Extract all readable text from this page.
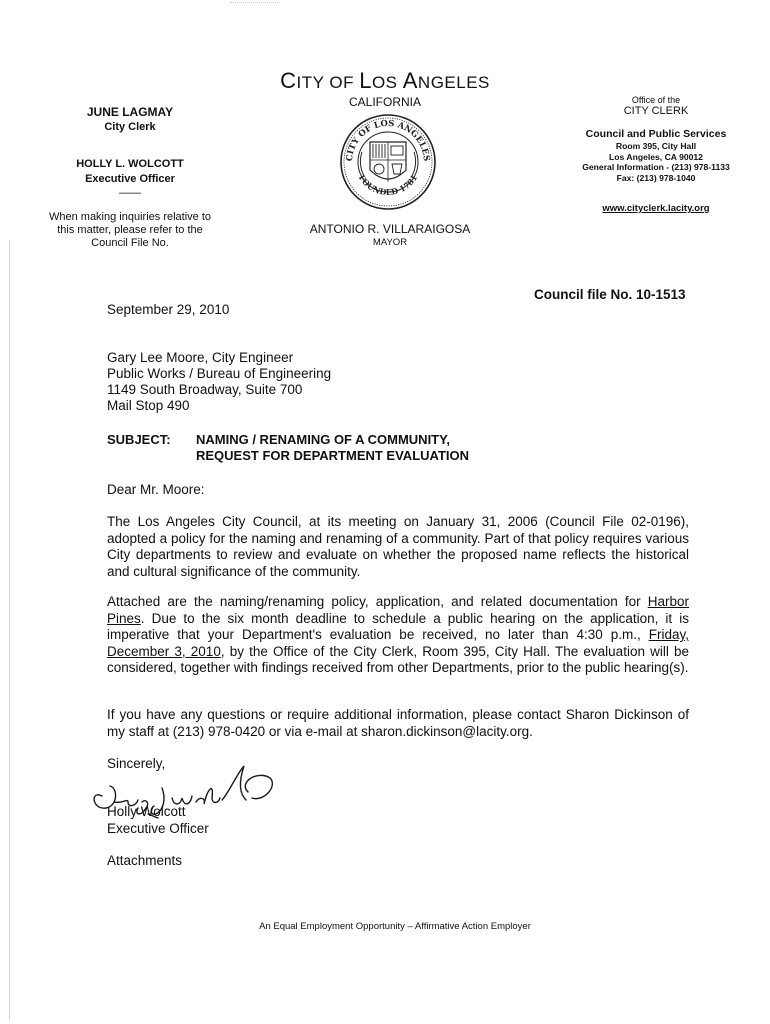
CITY OF LOS ANGELES
CALIFORNIA
JUNE LAGMAY
City Clerk
HOLLY L. WOLCOTT
Executive Officer
——
When making inquiries relative to
this matter, please refer to the
Council File No.
CITY OF LOS ANGELES
FOUNDED 1781
ANTONIO R. VILLARAIGOSA
MAYOR
Office of the
CITY CLERK
Council and Public Services
Room 395, City Hall
Los Angeles, CA 90012
General Information - (213) 978-1133
Fax: (213) 978-1040
www.cityclerk.lacity.org
Council file No. 10-1513
September 29, 2010
Gary Lee Moore, City Engineer
Public Works / Bureau of Engineering
1149 South Broadway, Suite 700
Mail Stop 490
SUBJECT: NAMING / RENAMING OF A COMMUNITY,
REQUEST FOR DEPARTMENT EVALUATION
Dear Mr. Moore:
The Los Angeles City Council, at its meeting on January 31, 2006 (Council File 02-0196), adopted a policy for the naming and renaming of a community. Part of that policy requires various City departments to review and evaluate on whether the proposed name reflects the historical and cultural significance of the community.
Attached are the naming/renaming policy, application, and related documentation for Harbor Pines. Due to the six month deadline to schedule a public hearing on the application, it is imperative that your Department's evaluation be received, no later than 4:30 p.m., Friday, December 3, 2010, by the Office of the City Clerk, Room 395, City Hall. The evaluation will be considered, together with findings received from other Departments, prior to the public hearing(s).
If you have any questions or require additional information, please contact Sharon Dickinson of my staff at (213) 978-0420 or via e-mail at sharon.dickinson@lacity.org.
Sincerely,
Holly Wolcott
Executive Officer
Attachments
An Equal Employment Opportunity – Affirmative Action Employer
